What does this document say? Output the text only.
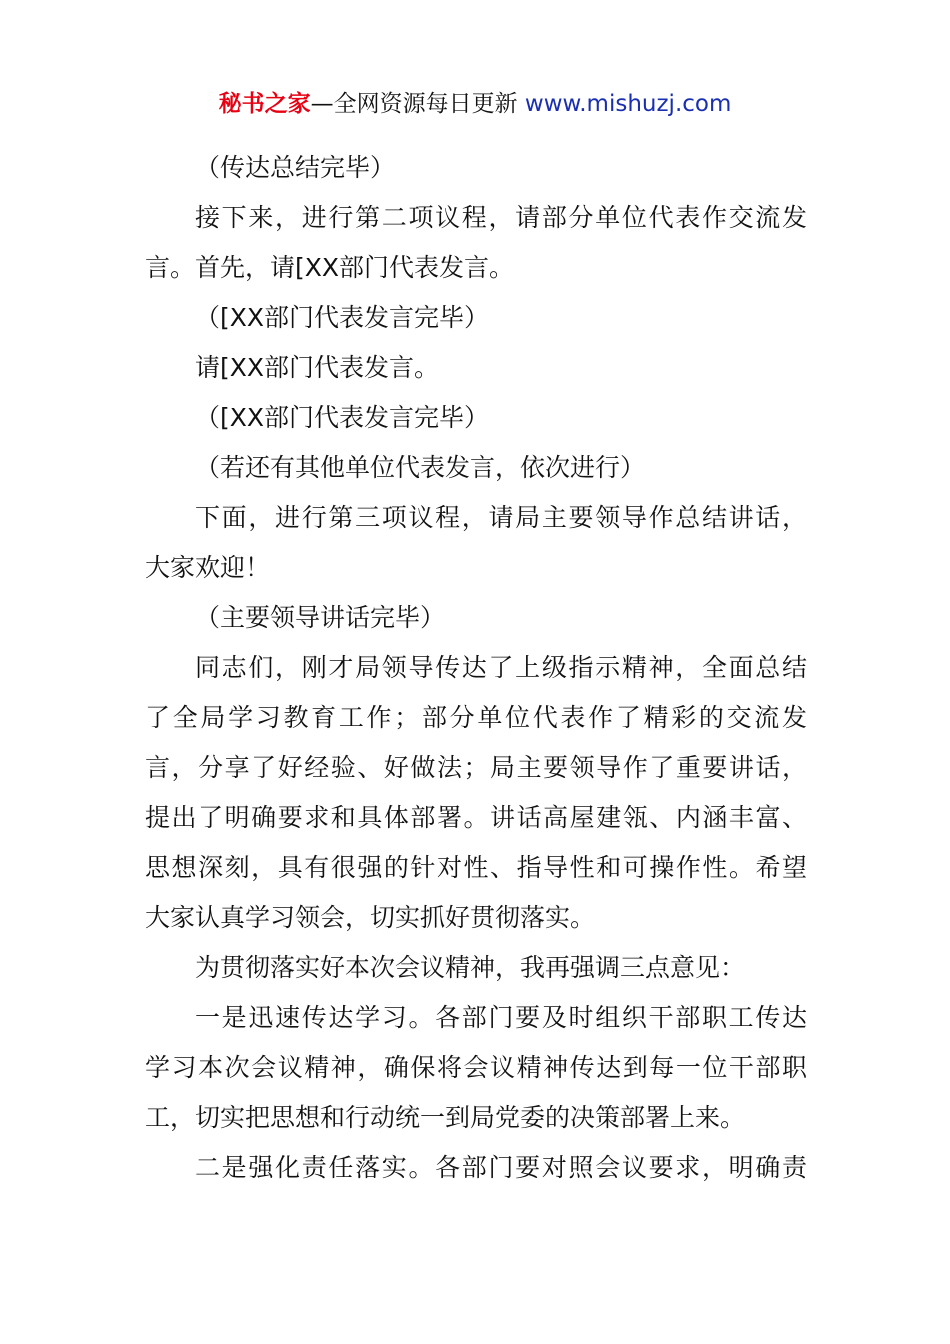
秘书之家—全网资源每日更新 www.mishuzj.com
（传达总结完毕）
接下来，进行第二项议程，请部分单位代表作交流发
言。首先，请[XX部门代表发言。
（[XX部门代表发言完毕）
请[XX部门代表发言。
（[XX部门代表发言完毕）
（若还有其他单位代表发言，依次进行）
下面，进行第三项议程，请局主要领导作总结讲话，
大家欢迎！
（主要领导讲话完毕）
同志们，刚才局领导传达了上级指示精神，全面总结
了全局学习教育工作；部分单位代表作了精彩的交流发
言，分享了好经验、好做法；局主要领导作了重要讲话，
提出了明确要求和具体部署。讲话高屋建瓴、内涵丰富、
思想深刻，具有很强的针对性、指导性和可操作性。希望
大家认真学习领会，切实抓好贯彻落实。
为贯彻落实好本次会议精神，我再强调三点意见：
一是迅速传达学习。各部门要及时组织干部职工传达
学习本次会议精神，确保将会议精神传达到每一位干部职
工，切实把思想和行动统一到局党委的决策部署上来。
二是强化责任落实。各部门要对照会议要求，明确责
